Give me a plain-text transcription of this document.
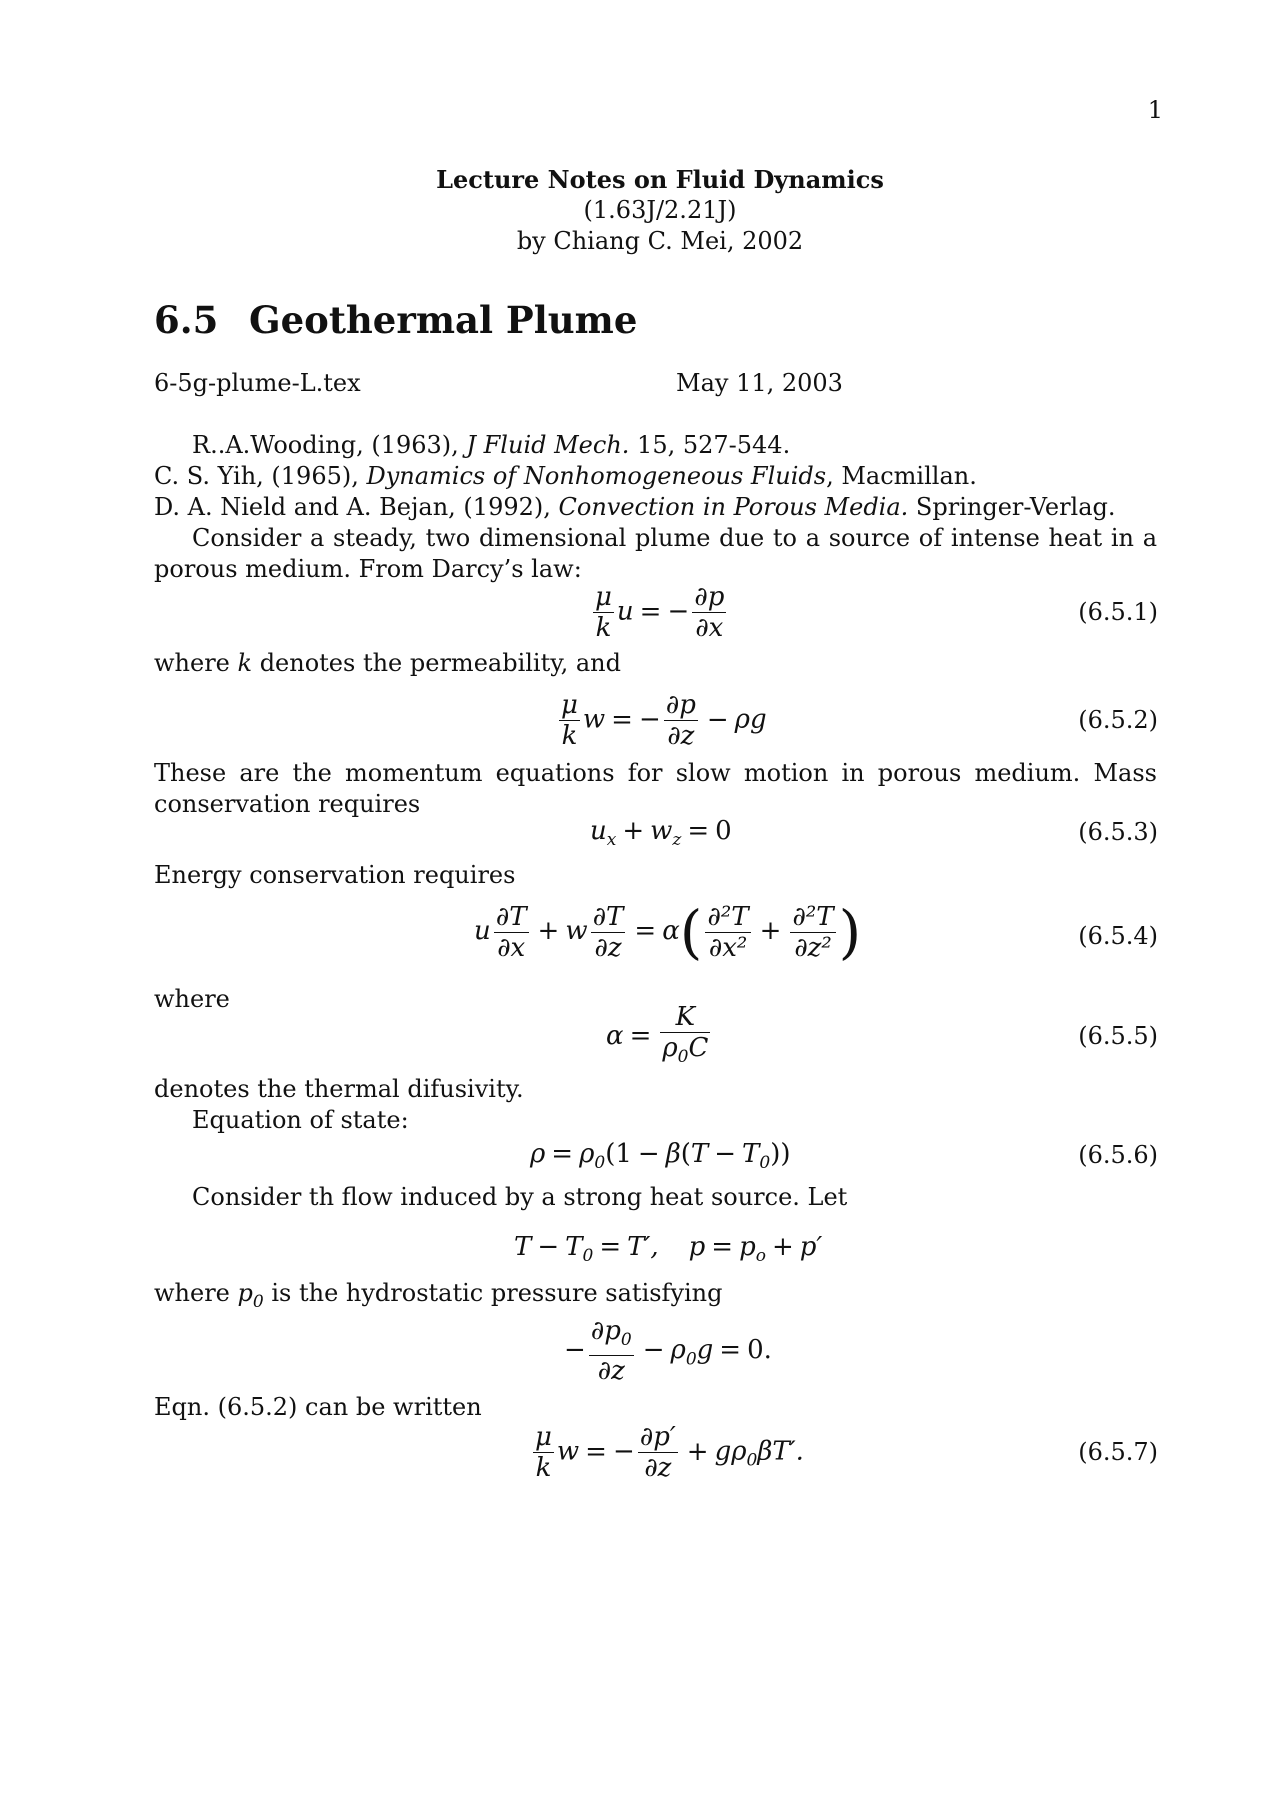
1
Lecture Notes on Fluid Dynamics
(1.63J/2.21J)
by Chiang C. Mei, 2002
6.5 Geothermal Plume
6-5g-plume-L.tex	May 11, 2003
R..A.Wooding, (1963), J Fluid Mech. 15, 527-544.
C. S. Yih, (1965), Dynamics of Nonhomogeneous Fluids, Macmillan.
D. A. Nield and A. Bejan, (1992), Convection in Porous Media. Springer-Verlag.
Consider a steady, two dimensional plume due to a source of intense heat in a porous medium. From Darcy’s law:
$\frac{\mu}{k}$ u = − $\frac{\partial p}{\partial x}$	(6.5.1)
where k denotes the permeability, and
$\frac{\mu}{k}$ w = − $\frac{\partial p}{\partial z} - \rho g$	(6.5.2)
These are the momentum equations for slow motion in porous medium. Mass conservation requires
$u_x + w_z = 0$	(6.5.3)
Energy conservation requires
u $\frac{\partial T}{\partial x} + w \frac{\partial T}{\partial z} = \alpha( \frac{\text{∂²T}}{\text{∂x²}} + \frac{\text{∂²T}}{\text{∂z²}}$ )	(6.5.4)
where
$\alpha = \frac{K}{\rho_0C}$	(6.5.5)
denotes the thermal difusivity.
Equation of state:
$\rho = \rho_0(1 - \beta(T - T_0))$	(6.5.6)
Consider th flow induced by a strong heat source. Let
$T - T_0 = T'$, $p = p_o + p'$
where $p_0$ is the hydrostatic pressure satisfying
− $\frac{\partial p_0}{\partial z} - \rho_0g = 0$.
Eqn. (6.5.2) can be written
$\frac{\mu}{k}$ w = − $\frac{\partial p'}{\partial z} + g\rho_0\beta T'$.	(6.5.7)
